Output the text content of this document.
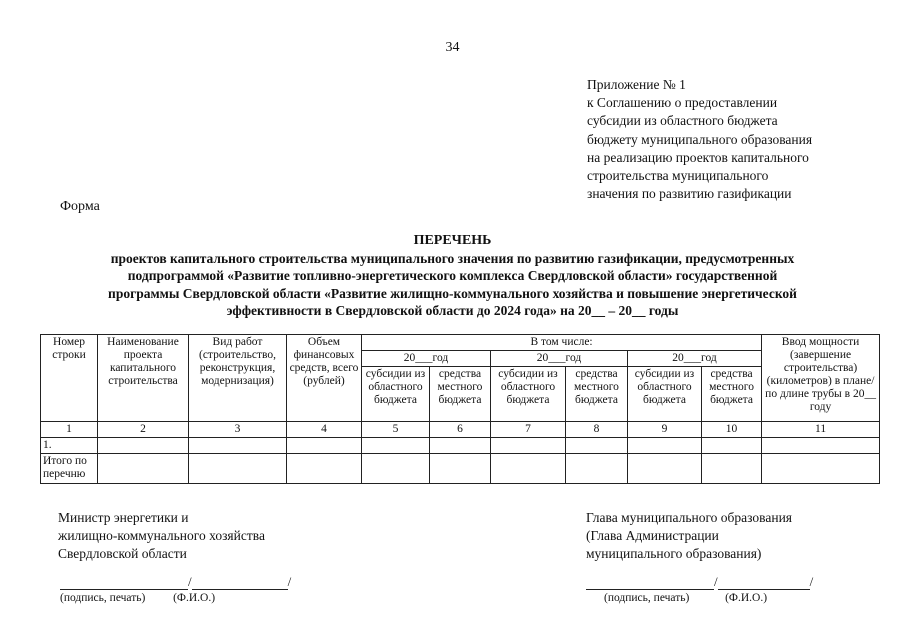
34
Приложение № 1
к Соглашению о предоставлении
субсидии из областного бюджета
бюджету муниципального образования
на реализацию проектов капитального
строительства муниципального
значения по развитию газификации
Форма
ПЕРЕЧЕНЬ
проектов капитального строительства муниципального значения по развитию газификации, предусмотренных
подпрограммой «Развитие топливно-энергетического комплекса Свердловской области» государственной
программы Свердловской области «Развитие жилищно-коммунального хозяйства и повышение энергетической
эффективности в Свердловской области до 2024 года» на 20__ – 20__ годы
Номер строки	Наименование проекта капитального строительства	Вид работ (строительство, реконструкция, модернизация)	Объем финансовых средств, всего (рублей)	В том числе:						Ввод мощности (завершение строительства) (километров) в плане/по длине трубы в 20__ году
				20___год		20___год		20___год		
				субсидии из областного бюджета	средства местного бюджета	субсидии из областного бюджета	средства местного бюджета	субсидии из областного бюджета	средства местного бюджета	
1	2	3	4	5	6	7	8	9	10	11
1.										
Итого по перечню										
Министр энергетики и
жилищно-коммунального хозяйства
Свердловской области
Глава муниципального образования
(Глава Администрации
муниципального образования)
/	/
(подпись, печать) (Ф.И.О.)
/	/
(подпись, печать)	(Ф.И.О.)
